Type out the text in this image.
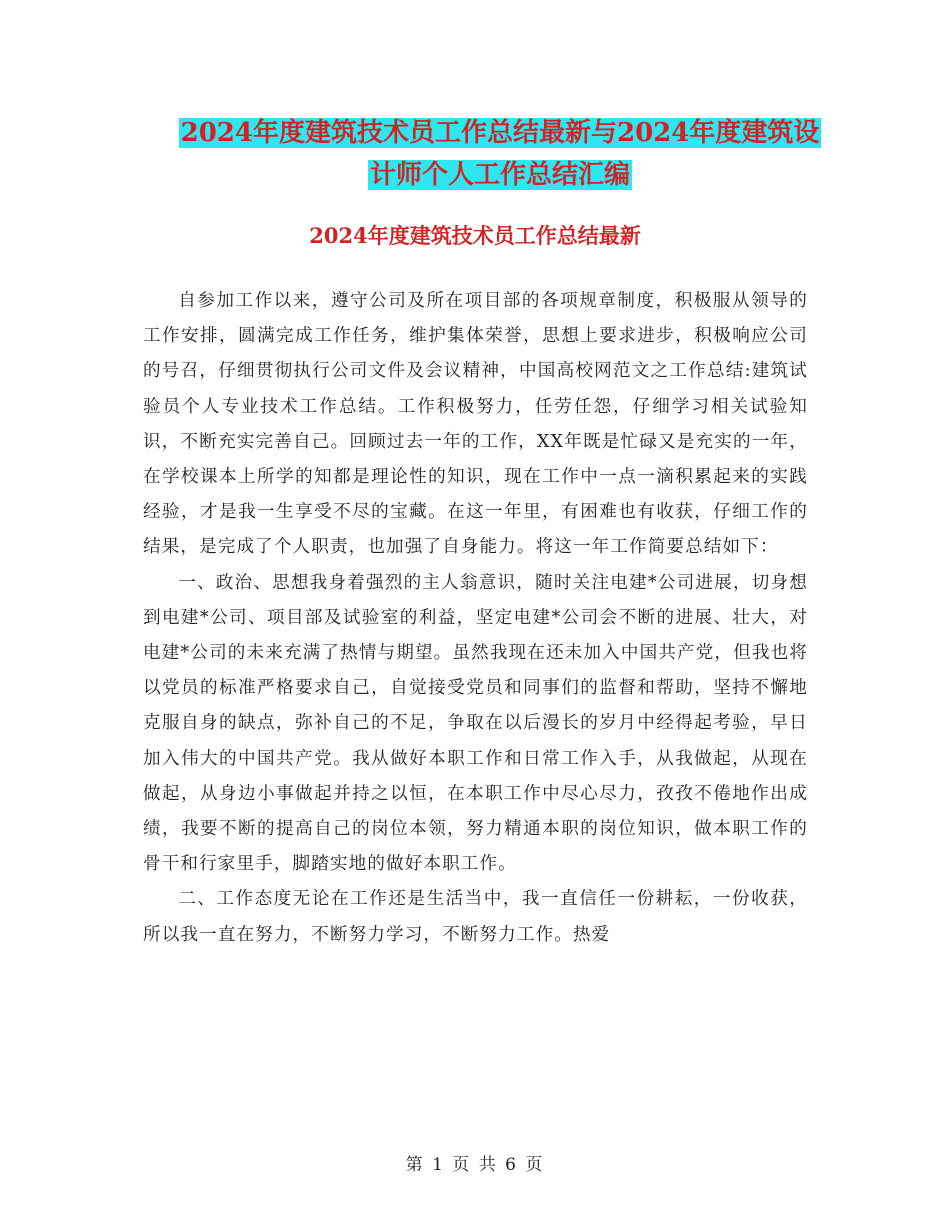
2024年度建筑技术员工作总结最新与2024年度建筑设
计师个人工作总结汇编
2024年度建筑技术员工作总结最新

自参加工作以来，遵守公司及所在项目部的各项规章制度，积极服从领导的工作安排，圆满完成工作任务，维护集体荣誉，思想上要求进步，积极响应公司的号召，仔细贯彻执行公司文件及会议精神，中国高校网范文之工作总结:建筑试验员个人专业技术工作总结。工作积极努力，任劳任怨，仔细学习相关试验知识，不断充实完善自己。回顾过去一年的工作，XX年既是忙碌又是充实的一年，在学校课本上所学的知都是理论性的知识，现在工作中一点一滴积累起来的实践经验，才是我一生享受不尽的宝藏。在这一年里，有困难也有收获，仔细工作的结果，是完成了个人职责，也加强了自身能力。将这一年工作简要总结如下：

一、政治、思想我身着强烈的主人翁意识，随时关注电建*公司进展，切身想到电建*公司、项目部及试验室的利益，坚定电建*公司会不断的进展、壮大，对电建*公司的未来充满了热情与期望。虽然我现在还未加入中国共产党，但我也将以党员的标准严格要求自己，自觉接受党员和同事们的监督和帮助，坚持不懈地克服自身的缺点，弥补自己的不足，争取在以后漫长的岁月中经得起考验，早日加入伟大的中国共产党。我从做好本职工作和日常工作入手，从我做起，从现在做起，从身边小事做起并持之以恒，在本职工作中尽心尽力，孜孜不倦地作出成绩，我要不断的提高自己的岗位本领，努力精通本职的岗位知识，做本职工作的骨干和行家里手，脚踏实地的做好本职工作。

二、工作态度无论在工作还是生活当中，我一直信任一份耕耘，一份收获，所以我一直在努力，不断努力学习，不断努力工作。热爱

第 1 页 共 6 页
